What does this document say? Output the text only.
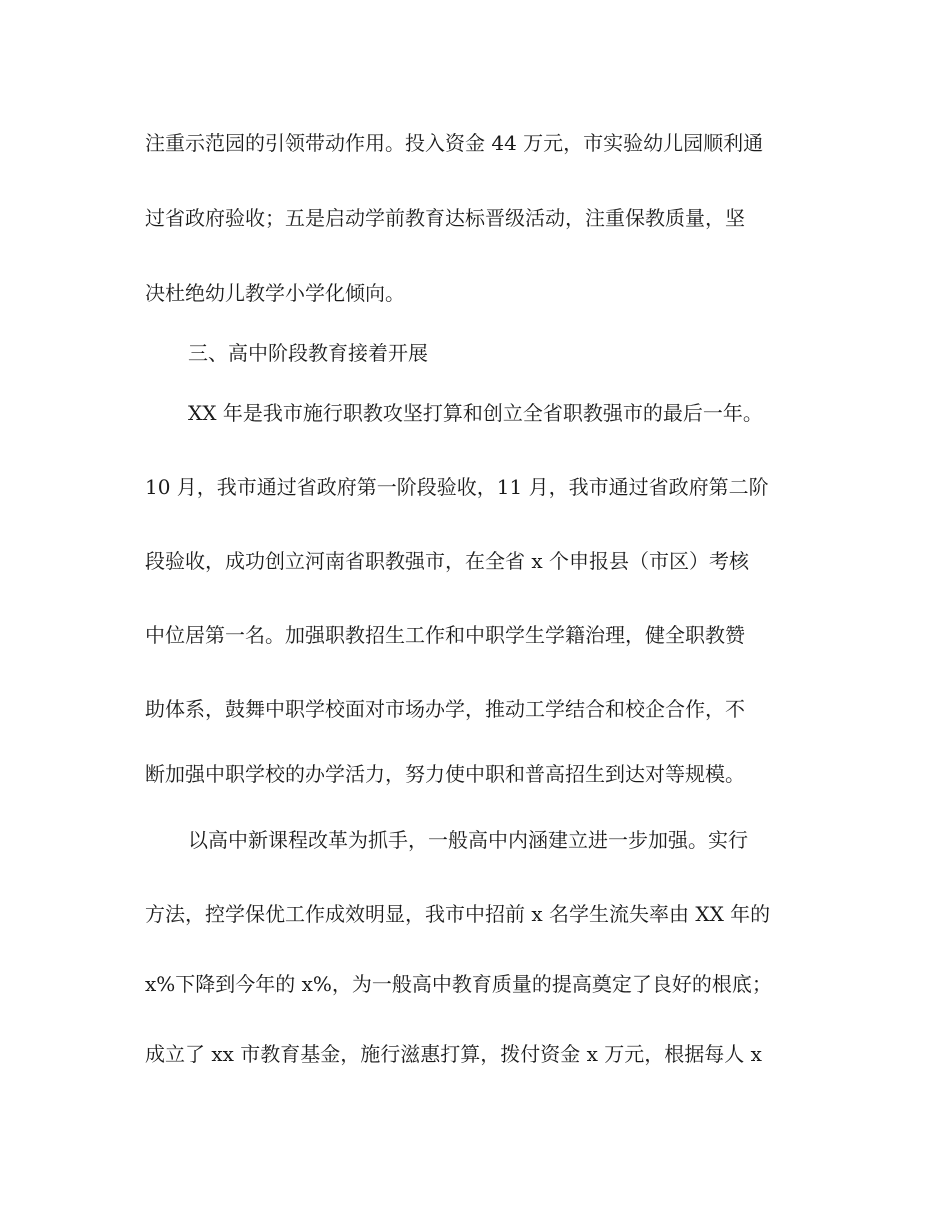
注重示范园的引领带动作用。投入资金 44 万元，市实验幼儿园顺利通
过省政府验收；五是启动学前教育达标晋级活动，注重保教质量，坚
决杜绝幼儿教学小学化倾向。
三、高中阶段教育接着开展
XX 年是我市施行职教攻坚打算和创立全省职教强市的最后一年。
10 月，我市通过省政府第一阶段验收，11 月，我市通过省政府第二阶
段验收，成功创立河南省职教强市，在全省 x 个申报县（市区）考核
中位居第一名。加强职教招生工作和中职学生学籍治理，健全职教赞
助体系，鼓舞中职学校面对市场办学，推动工学结合和校企合作，不
断加强中职学校的办学活力，努力使中职和普高招生到达对等规模。
以高中新课程改革为抓手，一般高中内涵建立进一步加强。实行
方法，控学保优工作成效明显，我市中招前 x 名学生流失率由 XX 年的
x%下降到今年的 x%，为一般高中教育质量的提高奠定了良好的根底；
成立了 xx 市教育基金，施行滋惠打算，拨付资金 x 万元，根据每人 x
